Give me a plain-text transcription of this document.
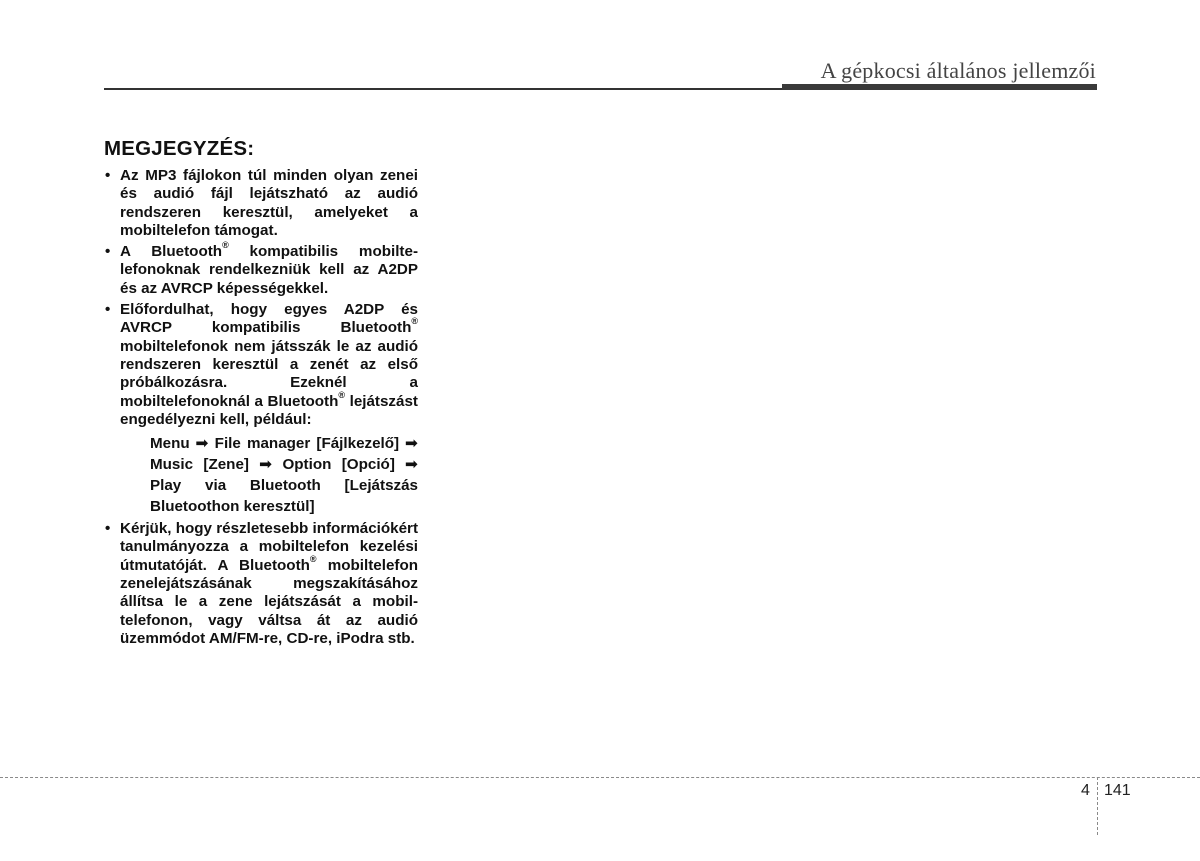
A gépkocsi általános jellemzői
MEGJEGYZÉS:
• Az MP3 fájlokon túl minden olyan zenei és audió fájl lejátszható az audió rendszeren keresztül, amelyeket a mobiltelefon támogat.
• A Bluetooth® kompatibilis mobiltelefonoknak rendelkezniük kell az A2DP és az AVRCP képességekkel.
• Előfordulhat, hogy egyes A2DP és AVRCP kompatibilis Bluetooth® mobiltelefonok nem játsszák le az audió rendszeren keresztül a zenét az első próbálkozásra. Ezeknél a mobiltelefonoknál a Bluetooth® lejátszást engedélyezni kell, például:
Menu ➟ File manager [Fájlkezelő] ➟ Music [Zene] ➟ Option [Opció] ➟ Play via Bluetooth [Lejátszás Bluetoothon keresztül]
• Kérjük, hogy részletesebb információkért tanulmányozza a mobiltelefon kezelési útmutatóját. A Bluetooth® mobiltelefon zenelejátszásának megszakításához állítsa le a zene lejátszását a mobiltelefonon, vagy váltsa át az audió üzemmódot AM/FM-re, CD-re, iPodra stb.
4 141
